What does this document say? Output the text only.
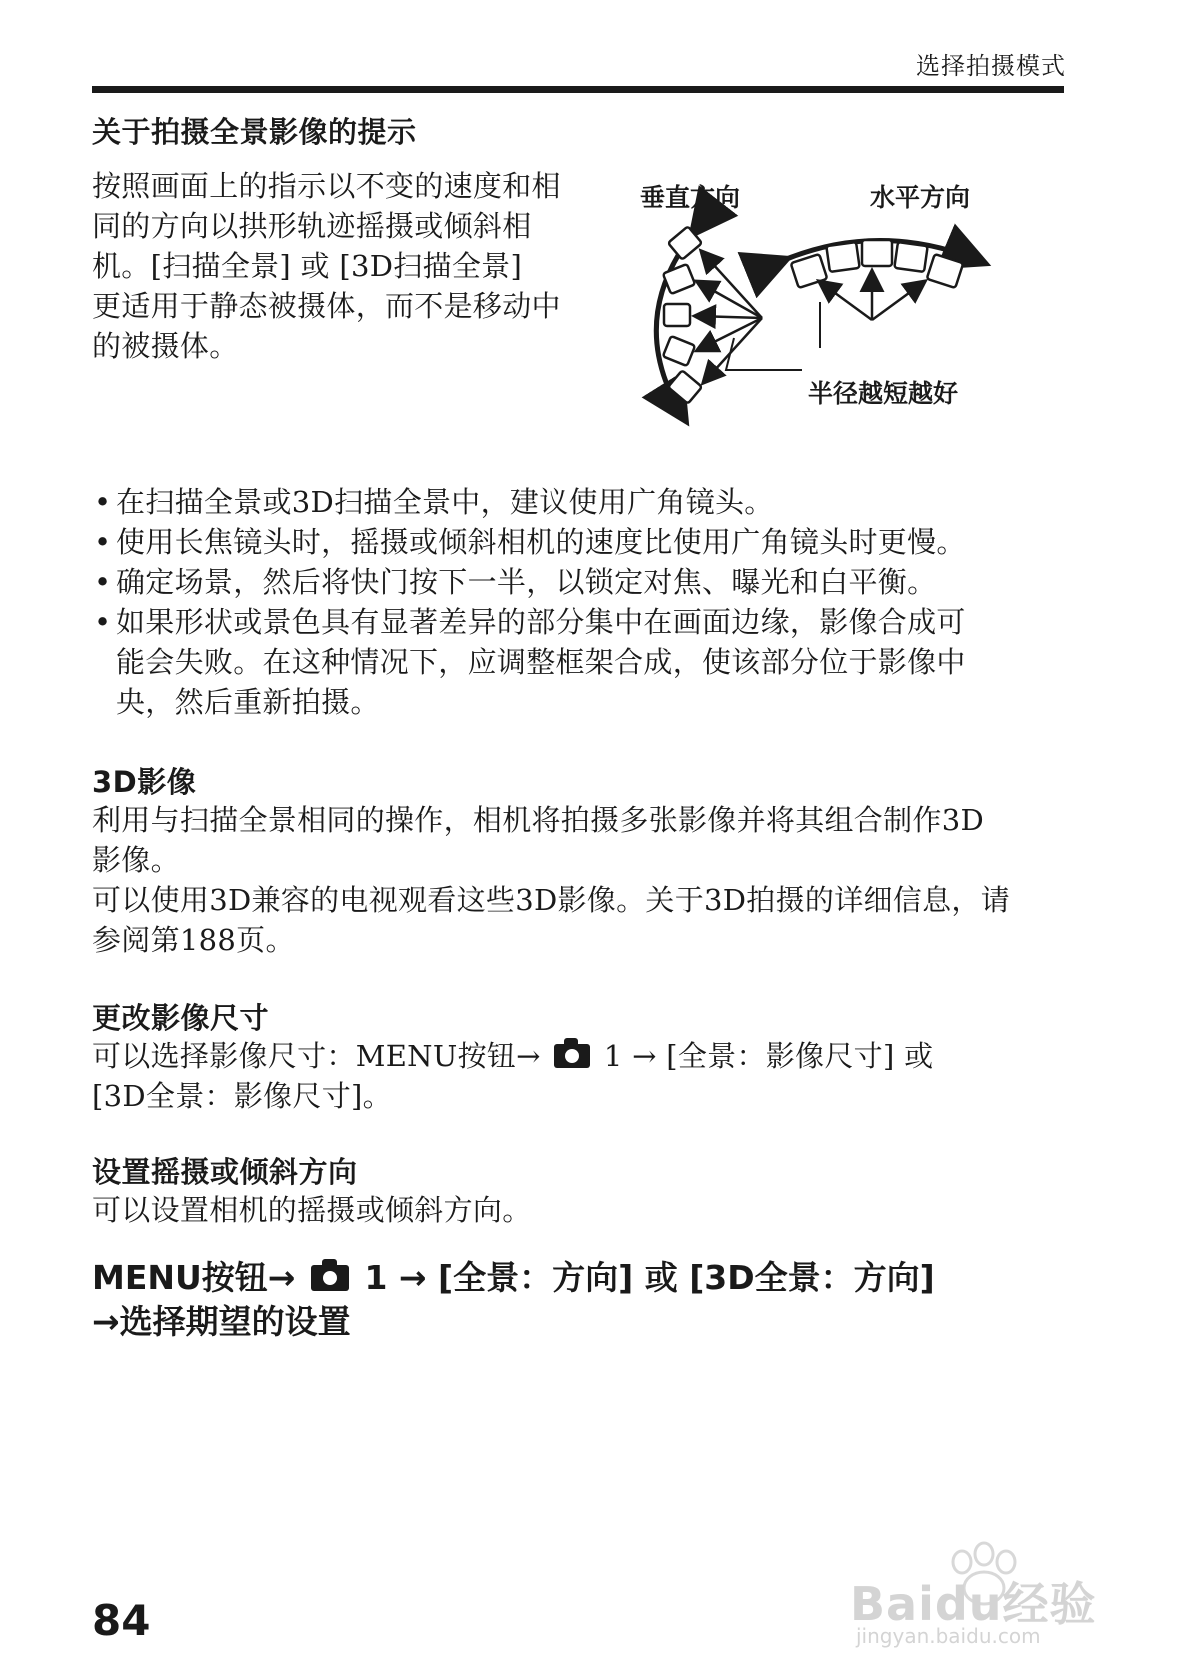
选择拍摄模式
关于拍摄全景影像的提示
按照画面上的指示以不变的速度和相
同的方向以拱形轨迹摇摄或倾斜相
机。[扫描全景] 或 [3D扫描全景]
更适用于静态被摄体，而不是移动中
的被摄体。
垂直方向	水平方向
半径越短越好
• 在扫描全景或3D扫描全景中，建议使用广角镜头。
• 使用长焦镜头时，摇摄或倾斜相机的速度比使用广角镜头时更慢。
• 确定场景，然后将快门按下一半，以锁定对焦、曝光和白平衡。
• 如果形状或景色具有显著差异的部分集中在画面边缘，影像合成可
能会失败。在这种情况下，应调整框架合成，使该部分位于影像中
央，然后重新拍摄。
3D影像
利用与扫描全景相同的操作，相机将拍摄多张影像并将其组合制作3D
影像。
可以使用3D兼容的电视观看这些3D影像。关于3D拍摄的详细信息，请
参阅第188页。
更改影像尺寸
可以选择影像尺寸：MENU按钮→ 1 → [全景：影像尺寸] 或
[3D全景：影像尺寸]。
设置摇摄或倾斜方向
可以设置相机的摇摄或倾斜方向。
MENU按钮→ 1 → [全景：方向] 或 [3D全景：方向]
→选择期望的设置
84	Baidu经验
jingyan.baidu.com
